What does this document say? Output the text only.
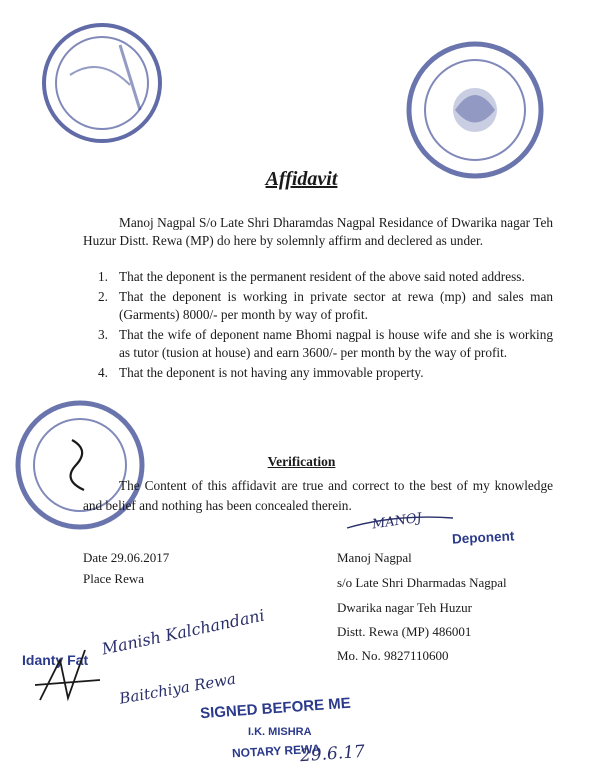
Affidavit
Manoj Nagpal S/o Late Shri Dharamdas Nagpal Residance of Dwarika nagar Teh Huzur Distt. Rewa (MP) do here by solemnly affirm and declered as under.
1. That the deponent is the permanent resident of the above said noted address.
2. That the deponent is working in private sector at rewa (mp) and sales man (Garments) 8000/- per month by way of profit.
3. That the wife of deponent name Bhomi nagpal is house wife and she is working as tutor (tusion at house) and earn 3600/- per month by the way of profit.
4. That the deponent is not having any immovable property.
Verification
The Content of this affidavit are true and correct to the best of my knowledge and belief and nothing has been concealed therein.
MANOJ
Deponent
Date 29.06.2017
Place Rewa
Manoj Nagpal
s/o Late Shri Dharmadas Nagpal
Dwarika nagar Teh Huzur
Distt. Rewa (MP) 486001
Mo. No. 9827110600
Idanty Fat
Manish Kalchandani
Baitchiya Rewa
SIGNED BEFORE ME
I.K. MISHRA
NOTARY REWA
29.6.17
